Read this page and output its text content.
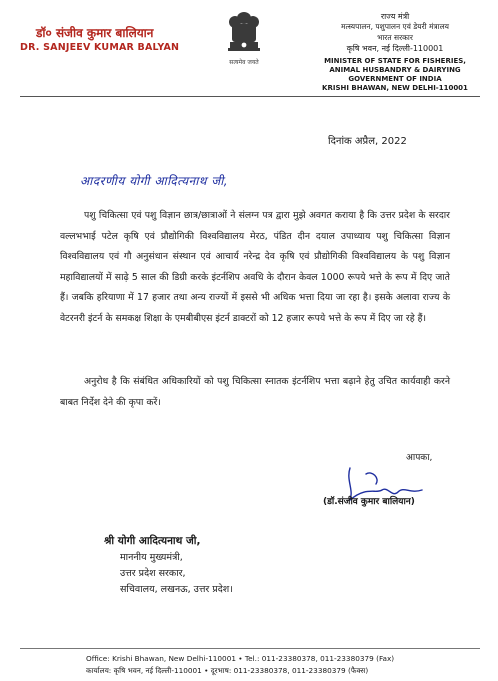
डॉ० संजीव कुमार बालियान
DR. SANJEEV KUMAR BALYAN
सत्यमेव जयते
राज्य मंत्री
मत्स्यपालन, पशुपालन एवं डेयरी मंत्रालय
भारत सरकार
कृषि भवन, नई दिल्ली-110001
MINISTER OF STATE FOR FISHERIES,
ANIMAL HUSBANDRY & DAIRYING
GOVERNMENT OF INDIA
KRISHI BHAWAN, NEW DELHI-110001
दिनांक अप्रैल, 2022
आदरणीय योगी आदित्यनाथ जी,
पशु चिकित्सा एवं पशु विज्ञान छात्र/छात्राओं ने संलग्न पत्र द्वारा मुझे अवगत कराया है कि उत्तर प्रदेश के सरदार वल्लभभाई पटेल कृषि एवं प्रौद्योगिकी विश्वविद्यालय मेरठ, पंडित दीन दयाल उपाध्याय पशु चिकित्सा विज्ञान विश्वविद्यालय एवं गौ अनुसंधान संस्थान एवं आचार्य नरेन्द्र देव कृषि एवं प्रौद्योगिकी विश्वविद्यालय के पशु विज्ञान महाविद्यालयों में साढ़े 5 साल की डिग्री करके इंटर्नशिप अवधि के दौरान केवल 1000 रूपये भत्ते के रूप में दिए जाते हैं। जबकि हरियाणा में 17 हजार तथा अन्य राज्यों में इससे भी अधिक भत्ता दिया जा रहा है। इसके अलावा राज्य के वेटरनरी इंटर्न के समकक्ष शिक्षा के एमबीबीएस इंटर्न डाक्टरों को 12 हजार रूपये भत्ते के रूप में दिए जा रहे हैं।
अनुरोध है कि संबंधित अधिकारियों को पशु चिकित्सा स्नातक इंटर्नशिप भत्ता बढ़ाने हेतु उचित कार्यवाही करने बाबत निर्देश देने की कृपा करें।
आपका,
(डॉ.संजीव कुमार बालियान)
श्री योगी आदित्यनाथ जी,
माननीय मुख्यमंत्री,
उत्तर प्रदेश सरकार,
सचिवालय, लखनऊ, उत्तर प्रदेश।
Office: Krishi Bhawan, New Delhi-110001 • Tel.: 011-23380378, 011-23380379 (Fax)
कार्यालय: कृषि भवन, नई दिल्ली-110001 • दूरभाष: 011-23380378, 011-23380379 (फैक्स)
